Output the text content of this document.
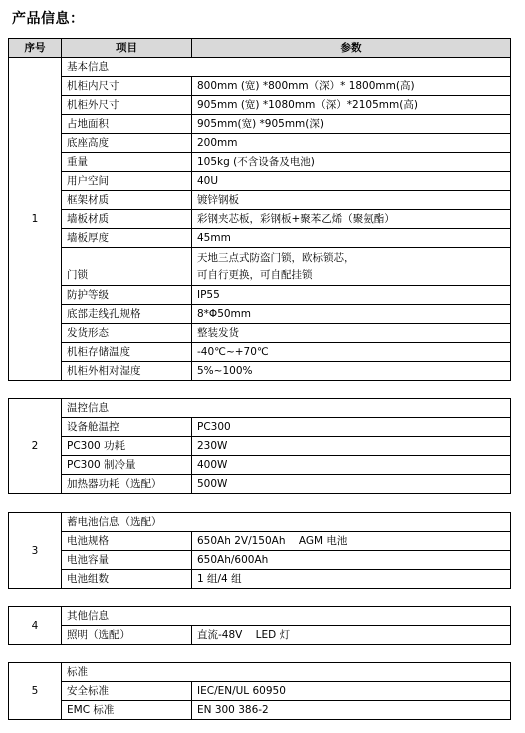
产品信息：
序号	项目	参数
1	基本信息	
	机柜内尺寸	800mm (宽) *800mm（深）* 1800mm(高)
	机柜外尺寸	905mm (宽) *1080mm（深）*2105mm(高)
	占地面积	905mm(宽) *905mm(深)
	底座高度	200mm
	重量	105kg (不含设备及电池)
	用户空间	40U
	框架材质	镀锌钢板
	墙板材质	彩钢夹芯板，彩钢板+聚苯乙烯（聚氨酯）
	墙板厚度	45mm
	门锁	天地三点式防盗门锁，欧标锁芯，
可自行更换，可自配挂锁

	防护等级	IP55
	底部走线孔规格	8*Φ50mm
	发货形态	整装发货
	机柜存储温度	-40℃~+70℃
	机柜外相对湿度	5%~100%
2	温控信息	
	设备舱温控	PC300
	PC300 功耗	230W
	PC300 制冷量	400W
	加热器功耗（选配）	500W
3	蓄电池信息（选配）	
	电池规格	650Ah 2V/150Ah    AGM 电池
	电池容量	650Ah/600Ah
	电池组数	1 组/4 组
4	其他信息	
	照明（选配）	直流-48V    LED 灯
5	标准	
	安全标准	IEC/EN/UL 60950
	EMC 标准	EN 300 386-2
